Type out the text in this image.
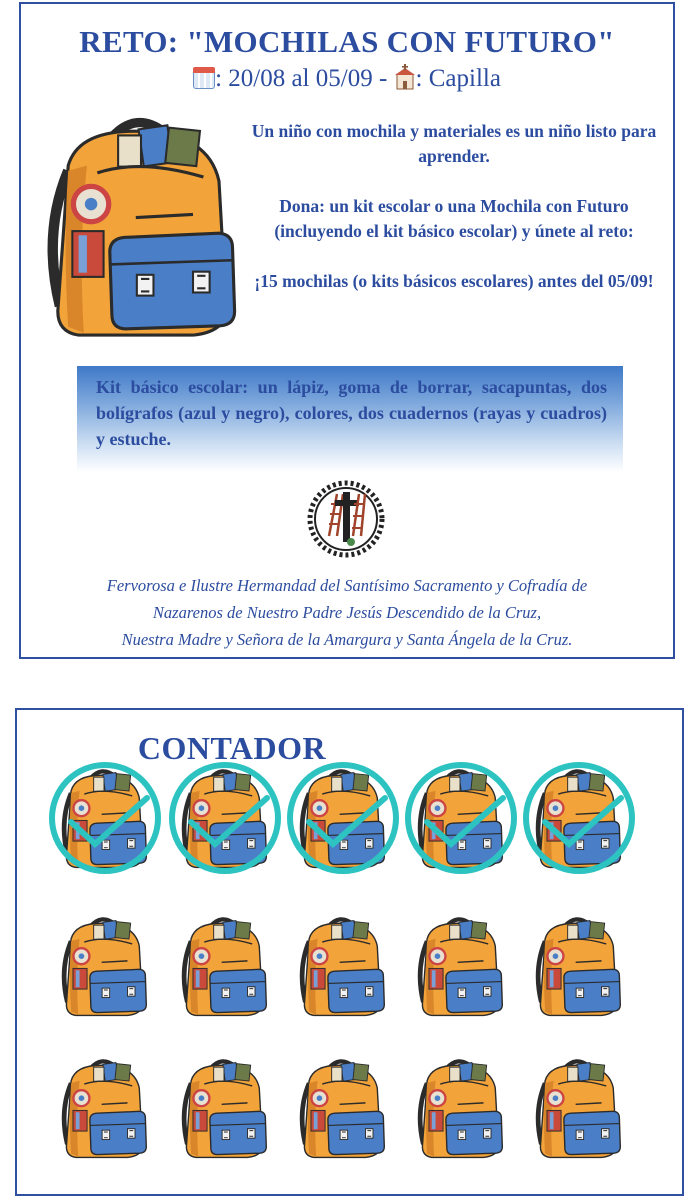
RETO: "MOCHILAS CON FUTURO"
: 20/08 al 05/09 - : Capilla

Un niño con mochila y materiales es un niño listo para aprender.

Dona: un kit escolar o una Mochila con Futuro (incluyendo el kit básico escolar) y únete al reto:

¡15 mochilas (o kits básicos escolares) antes del 05/09!

Kit básico escolar: un lápiz, goma de borrar, sacapuntas, dos bolígrafos (azul y negro), colores, dos cuadernos (rayas y cuadros) y estuche.
Fervorosa e Ilustre Hermandad del Santísimo Sacramento y Cofradía de
Nazarenos de Nuestro Padre Jesús Descendido de la Cruz,
Nuestra Madre y Señora de la Amargura y Santa Ángela de la Cruz.
CONTADOR
